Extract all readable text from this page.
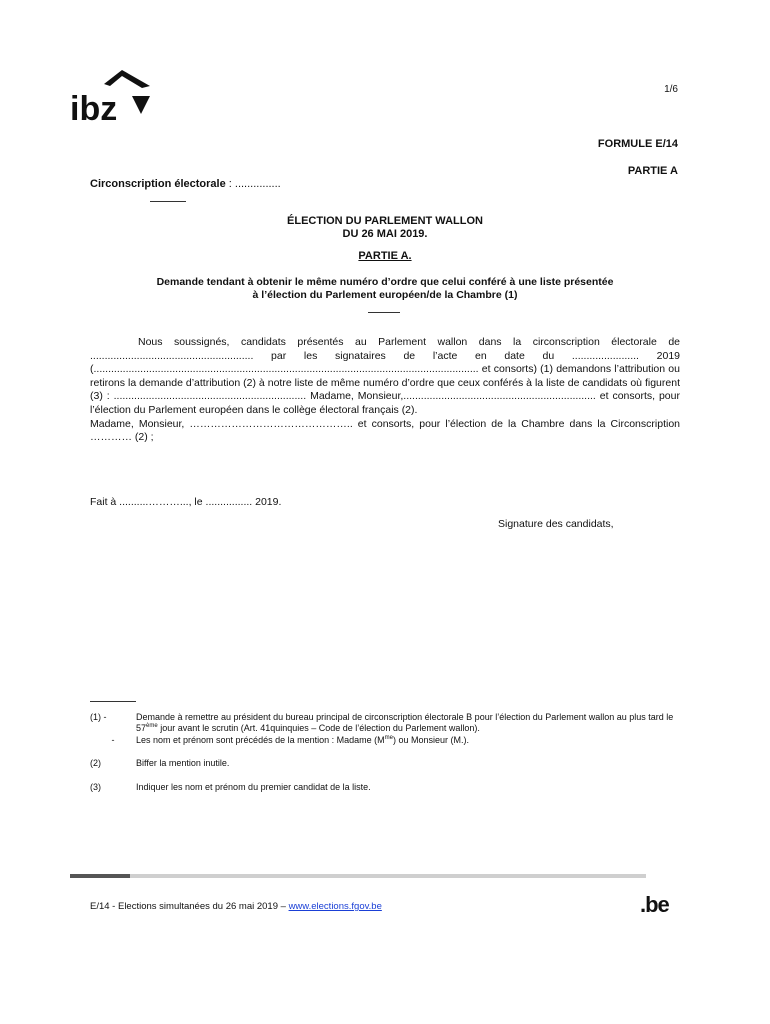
ibz
1/6
FORMULE E/14
PARTIE A
Circonscription électorale : ...............
ÉLECTION DU PARLEMENT WALLON
DU 26 MAI 2019.
PARTIE A.
Demande tendant à obtenir le même numéro d’ordre que celui conféré à une liste présentée
à l’élection du Parlement européen/de la Chambre (1)

Nous soussignés, candidats présentés au Parlement wallon dans la circonscription électorale de ........................................................ par les signataires de l’acte en date du ....................... 2019 (.................................................................................................................................... et consorts) (1) demandons l’attribution ou retirons la demande d’attribution (2) à notre liste de même numéro d’ordre que ceux conférés à la liste de candidats où figurent (3) : .................................................................. Madame, Monsieur,.................................................................. et consorts, pour l’élection du Parlement européen dans le collège électoral français (2).

Madame, Monsieur, ……………………………………….. et consorts, pour l’élection de la Chambre dans la Circonscription ………… (2) ;

Fait à ..........………..., le ................ 2019.
Signature des candidats,
(1) -	Demande à remettre au président du bureau principal de circonscription électorale B pour l’élection du Parlement wallon au plus tard le 57ème jour avant le scrutin (Art. 41quinquies – Code de l’élection du Parlement wallon).
-	Les nom et prénom sont précédés de la mention : Madame $(M^{me})$ ou Monsieur (M.).
(2)	Biffer la mention inutile.
(3)	Indiquer les nom et prénom du premier candidat de la liste.
E/14 - Elections simultanées du 26 mai 2019 – www.elections.fgov.be	.be
